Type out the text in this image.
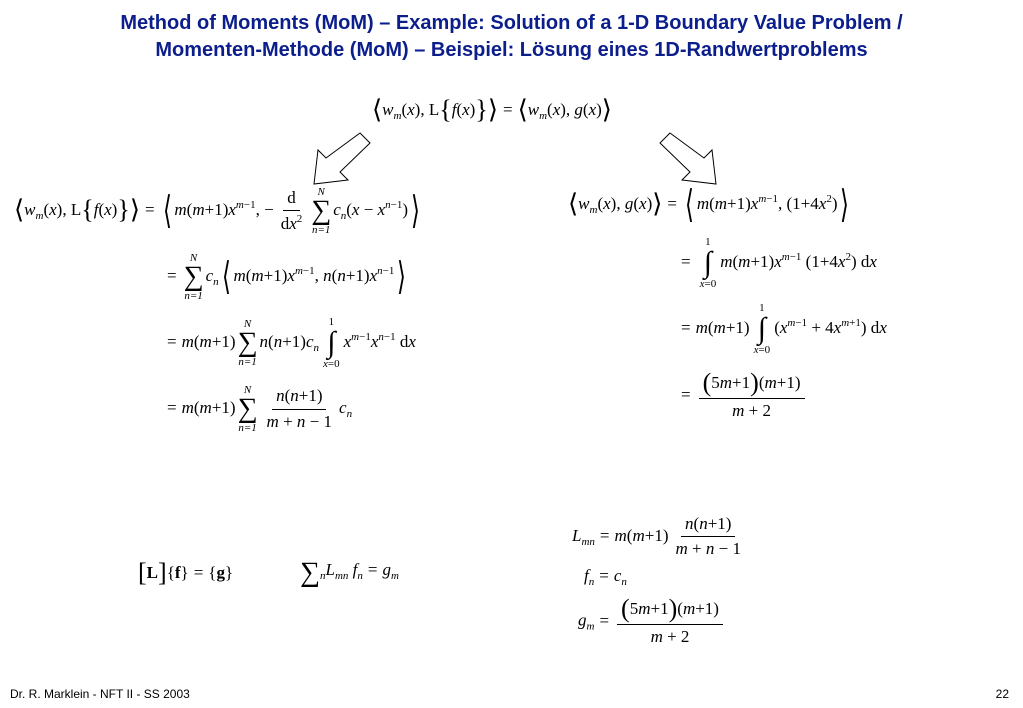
Method of Moments (MoM) – Example: Solution of a 1-D Boundary Value Problem /
Momenten-Methode (MoM) – Beispiel: Lösung eines 1D-Randwertproblems
$⟨w_m(x)$, L{f(x)}⟩ = $⟨w_m(x)$, g(x)⟩
$⟨w_m(x)$, L{f(x)}⟩ = ⟨ $m(m+1)x^{m-1}$, − $\frac{d}{dx^2}$ N
∑
n=1
$c_n(x$ − $x^{n-1})⟩$
=
N
∑
n=1
$c_n⟨$ $m(m+1)x^{m-1}$, $n(n+1)x^{n-1}⟩$
= m(m+1)
N
∑
n=1
$n(n+1)c_n$
1
∫
x=0
$x^{m-1}x^{n-1}$ dx
= m(m+1)
N
∑
$n=1 \frac{n(n+1)}{m + n - 1} c_n$
$⟨w_m(x)$, g(x)⟩ = ⟨ $m(m+1)x^{m-1}$, $(1+4x^2)⟩$
=
1
∫
x=0
$m(m+1)x^{m-1}$ $(1+4x^2)$ dx
= m(m+1)
1
∫
x=0
$(x^{m-1} + 4x^{m+1})$ dx
= $\frac{(5m+1)(m+1)}{m + 2}$
[L]{f} = {g} $\sum_nL_{mn}$ $f_n = g_m$
$L_{mn} = m(m+1) \frac{n(n+1)}{m + n - 1}$
$f_n = c_n$
$g_m = \frac{(5m+1)(m+1)}{m + 2}$
Dr. R. Marklein - NFT II - SS 2003	22
